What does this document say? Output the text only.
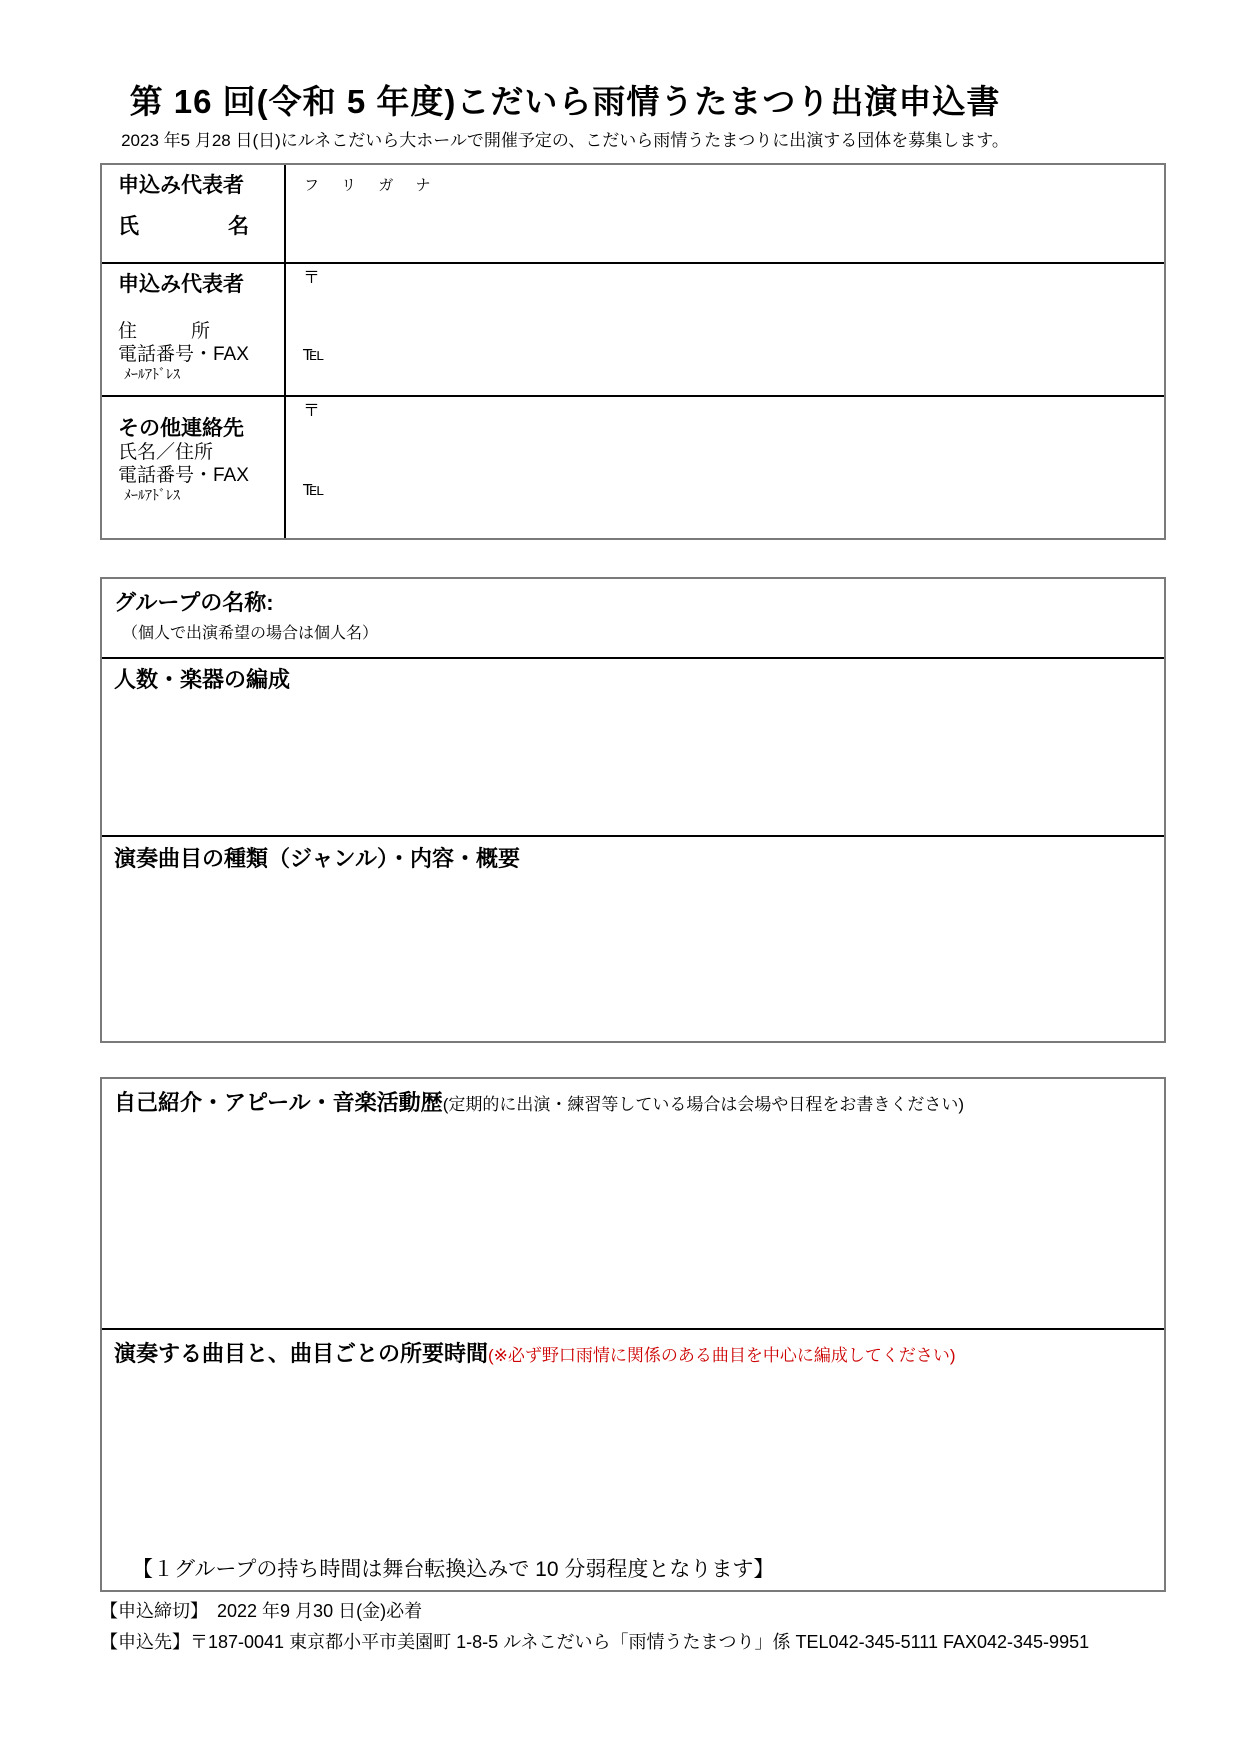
第 16 回(令和 5 年度)こだいら雨情うたまつり出演申込書
2023 年5 月28 日(日)にルネこだいら大ホールで開催予定の、こだいら雨情うたまつりに出演する団体を募集します。
申込み代表者
氏	名
フ リ ガ ナ
申込み代表者
住	所
電話番号・FAX
ﾒｰﾙｱﾄﾞﾚｽ
〒
℡
その他連絡先
氏名／住所
電話番号・FAX
ﾒｰﾙｱﾄﾞﾚｽ
〒
℡
グループの名称:
（個人で出演希望の場合は個人名）
人数・楽器の編成
演奏曲目の種類（ジャンル）・内容・概要
自己紹介・アピール・音楽活動歴(定期的に出演・練習等している場合は会場や日程をお書きください)
演奏する曲目と、曲目ごとの所要時間(※必ず野口雨情に関係のある曲目を中心に編成してください)
【１グループの持ち時間は舞台転換込みで 10 分弱程度となります】
【申込締切】　2022 年9 月30 日(金)必着
【申込先】〒187-0041 東京都小平市美園町 1-8-5 ルネこだいら「雨情うたまつり」係 TEL042-345-5111 FAX042-345-9951
